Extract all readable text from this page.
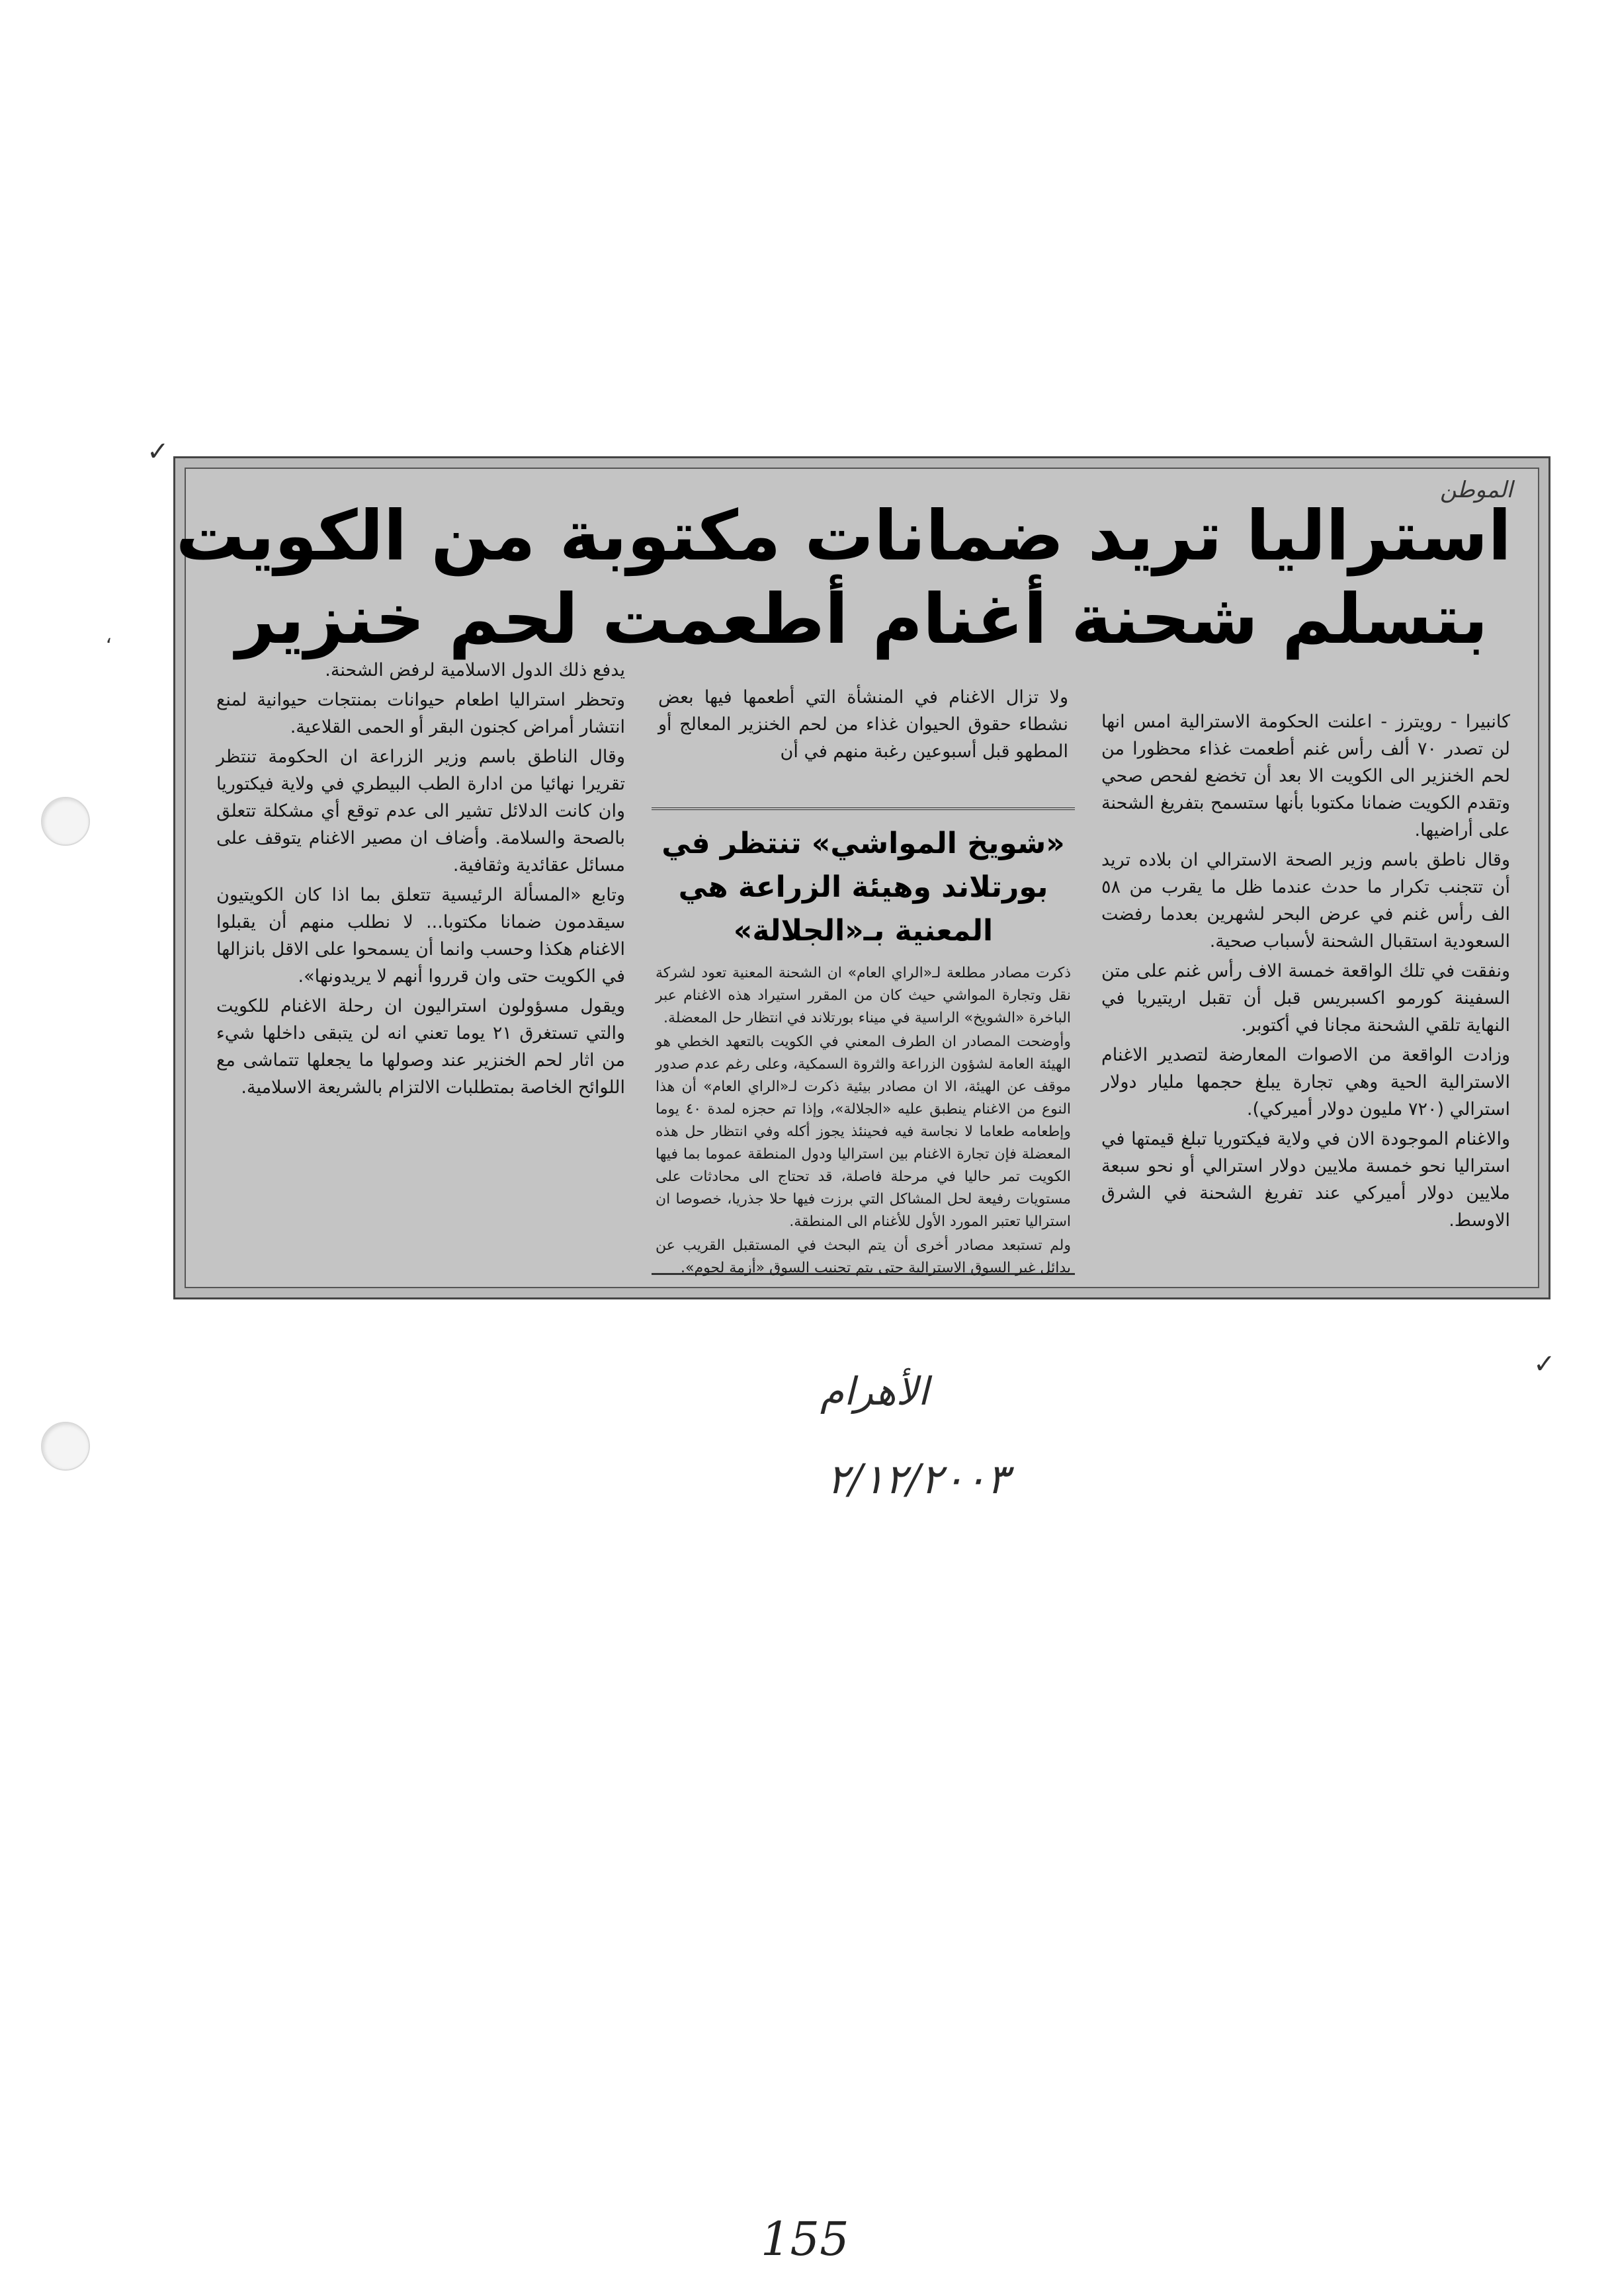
✓
✓
‘
الموطن
استراليا تريد ضمانات مكتوبة من الكويت
بتسلم شحنة أغنام أطعمت لحم خنزير

كانبيرا - رويترز - اعلنت الحكومة الاسترالية امس انها لن تصدر ٧٠ ألف رأس غنم أطعمت غذاء محظورا من لحم الخنزير الى الكويت الا بعد أن تخضع لفحص صحي وتقدم الكويت ضمانا مكتوبا بأنها ستسمح بتفريغ الشحنة على أراضيها.

وقال ناطق باسم وزير الصحة الاسترالي ان بلاده تريد أن تتجنب تكرار ما حدث عندما ظل ما يقرب من ٥٨ الف رأس غنم في عرض البحر لشهرين بعدما رفضت السعودية استقبال الشحنة لأسباب صحية.

ونفقت في تلك الواقعة خمسة الاف رأس غنم على متن السفينة كورمو اكسبريس قبل أن تقبل اريتيريا في النهاية تلقي الشحنة مجانا في أكتوبر.

وزادت الواقعة من الاصوات المعارضة لتصدير الاغنام الاسترالية الحية وهي تجارة يبلغ حجمها مليار دولار استرالي (٧٢٠ مليون دولار أميركي).

والاغنام الموجودة الان في ولاية فيكتوريا تبلغ قيمتها في استراليا نحو خمسة ملايين دولار استرالي أو نحو سبعة ملايين دولار أميركي عند تفريغ الشحنة في الشرق الاوسط.

ولا تزال الاغنام في المنشأة التي أطعمها فيها بعض نشطاء حقوق الحيوان غذاء من لحم الخنزير المعالج أو المطهو قبل أسبوعين رغبة منهم في أن

«شويخ المواشي» تنتظر في بورتلاند وهيئة الزراعة هي المعنية بـ«الجلالة»

ذكرت مصادر مطلعة لـ«الراي العام» ان الشحنة المعنية تعود لشركة نقل وتجارة المواشي حيث كان من المقرر استيراد هذه الاغنام عبر الباخرة «الشويخ» الراسية في ميناء بورتلاند في انتظار حل المعضلة.

وأوضحت المصادر ان الطرف المعني في الكويت بالتعهد الخطي هو الهيئة العامة لشؤون الزراعة والثروة السمكية، وعلى رغم عدم صدور موقف عن الهيئة، الا ان مصادر بيئية ذكرت لـ«الراي العام» أن هذا النوع من الاغنام ينطبق عليه «الجلالة»، وإذا تم حجزه لمدة ٤٠ يوما وإطعامه طعاما لا نجاسة فيه فحينئذ يجوز أكله وفي انتظار حل هذه المعضلة فإن تجارة الاغنام بين استراليا ودول المنطقة عموما بما فيها الكويت تمر حاليا في مرحلة فاصلة، قد تحتاج الى محادثات على مستويات رفيعة لحل المشاكل التي برزت فيها حلا جذريا، خصوصا ان استراليا تعتبر المورد الأول للأغنام الى المنطقة.

ولم تستبعد مصادر أخرى أن يتم البحث في المستقبل القريب عن بدائل غير السوق الاسترالية حتى يتم تجنيب السوق «أزمة لحوم».

يدفع ذلك الدول الاسلامية لرفض الشحنة.

وتحظر استراليا اطعام حيوانات بمنتجات حيوانية لمنع انتشار أمراض كجنون البقر أو الحمى القلاعية.

وقال الناطق باسم وزير الزراعة ان الحكومة تنتظر تقريرا نهائيا من ادارة الطب البيطري في ولاية فيكتوريا وان كانت الدلائل تشير الى عدم توقع أي مشكلة تتعلق بالصحة والسلامة. وأضاف ان مصير الاغنام يتوقف على مسائل عقائدية وثقافية.

وتابع «المسألة الرئيسية تتعلق بما اذا كان الكويتيون سيقدمون ضمانا مكتوبا... لا نطلب منهم أن يقبلوا الاغنام هكذا وحسب وانما أن يسمحوا على الاقل بانزالها في الكويت حتى وان قرروا أنهم لا يريدونها».

ويقول مسؤولون استراليون ان رحلة الاغنام للكويت والتي تستغرق ٢١ يوما تعني انه لن يتبقى داخلها شيء من اثار لحم الخنزير عند وصولها ما يجعلها تتماشى مع اللوائح الخاصة بمتطلبات الالتزام بالشريعة الاسلامية.

الأهرام
٢/١٢/٢٠٠٣
155
